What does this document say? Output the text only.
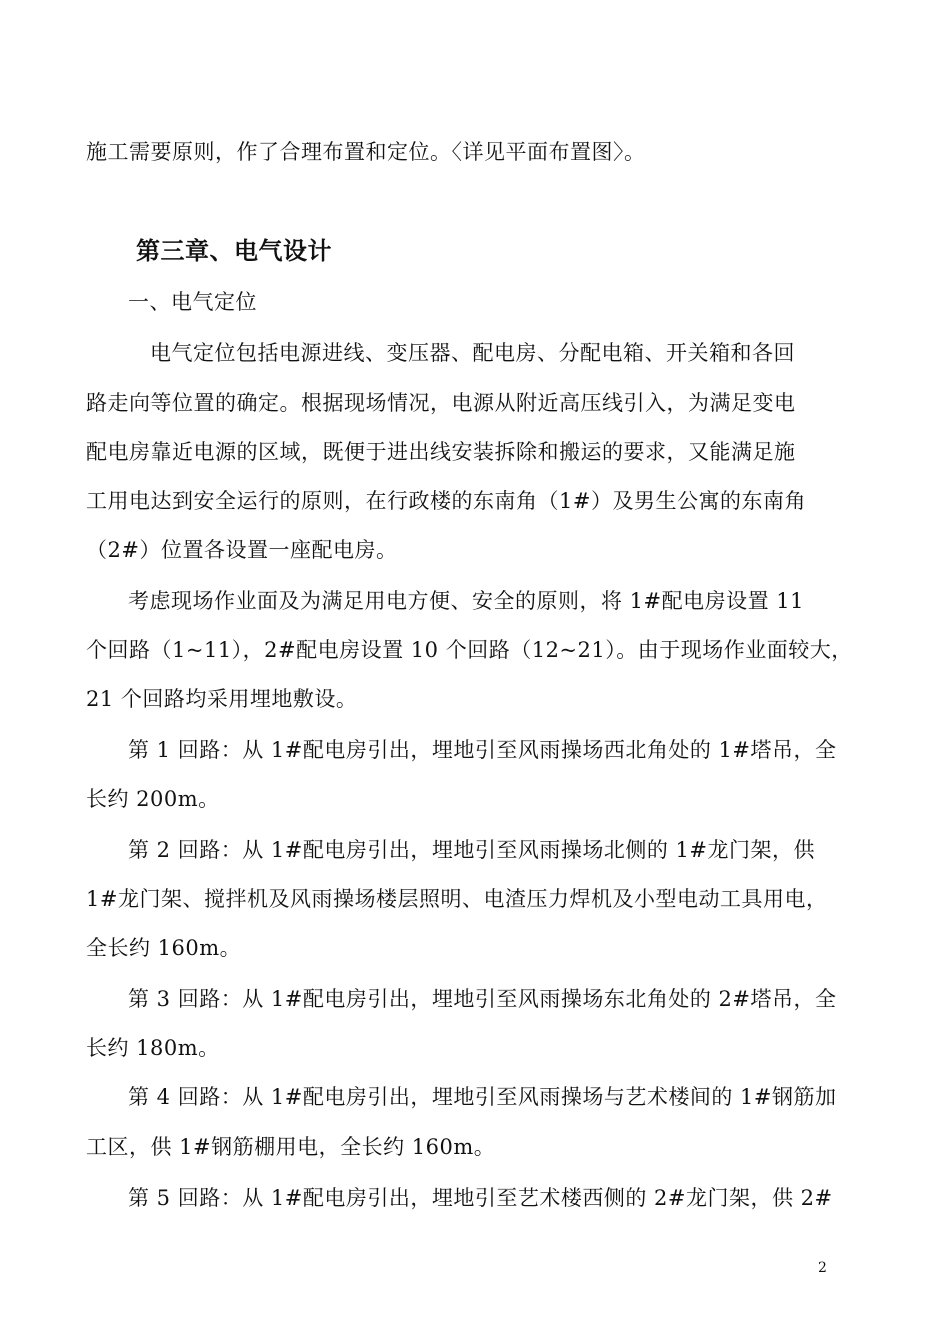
施工需要原则，作了合理布置和定位。〈详见平面布置图〉。
第三章、电气设计
一、电气定位
电气定位包括电源进线、变压器、配电房、分配电箱、开关箱和各回
路走向等位置的确定。根据现场情况，电源从附近高压线引入，为满足变电
配电房靠近电源的区域，既便于进出线安装拆除和搬运的要求，又能满足施
工用电达到安全运行的原则，在行政楼的东南角（1#）及男生公寓的东南角
（2#）位置各设置一座配电房。
考虑现场作业面及为满足用电方便、安全的原则，将 1#配电房设置 11
个回路（1~11），2#配电房设置 10 个回路（12~21）。由于现场作业面较大，
21 个回路均采用埋地敷设。
第 1 回路：从 1#配电房引出，埋地引至风雨操场西北角处的 1#塔吊，全
长约 200m。
第 2 回路：从 1#配电房引出，埋地引至风雨操场北侧的 1#龙门架，供
1#龙门架、搅拌机及风雨操场楼层照明、电渣压力焊机及小型电动工具用电，
全长约 160m。
第 3 回路：从 1#配电房引出，埋地引至风雨操场东北角处的 2#塔吊，全
长约 180m。
第 4 回路：从 1#配电房引出，埋地引至风雨操场与艺术楼间的 1#钢筋加
工区，供 1#钢筋棚用电，全长约 160m。
第 5 回路：从 1#配电房引出，埋地引至艺术楼西侧的 2#龙门架，供 2#
2
